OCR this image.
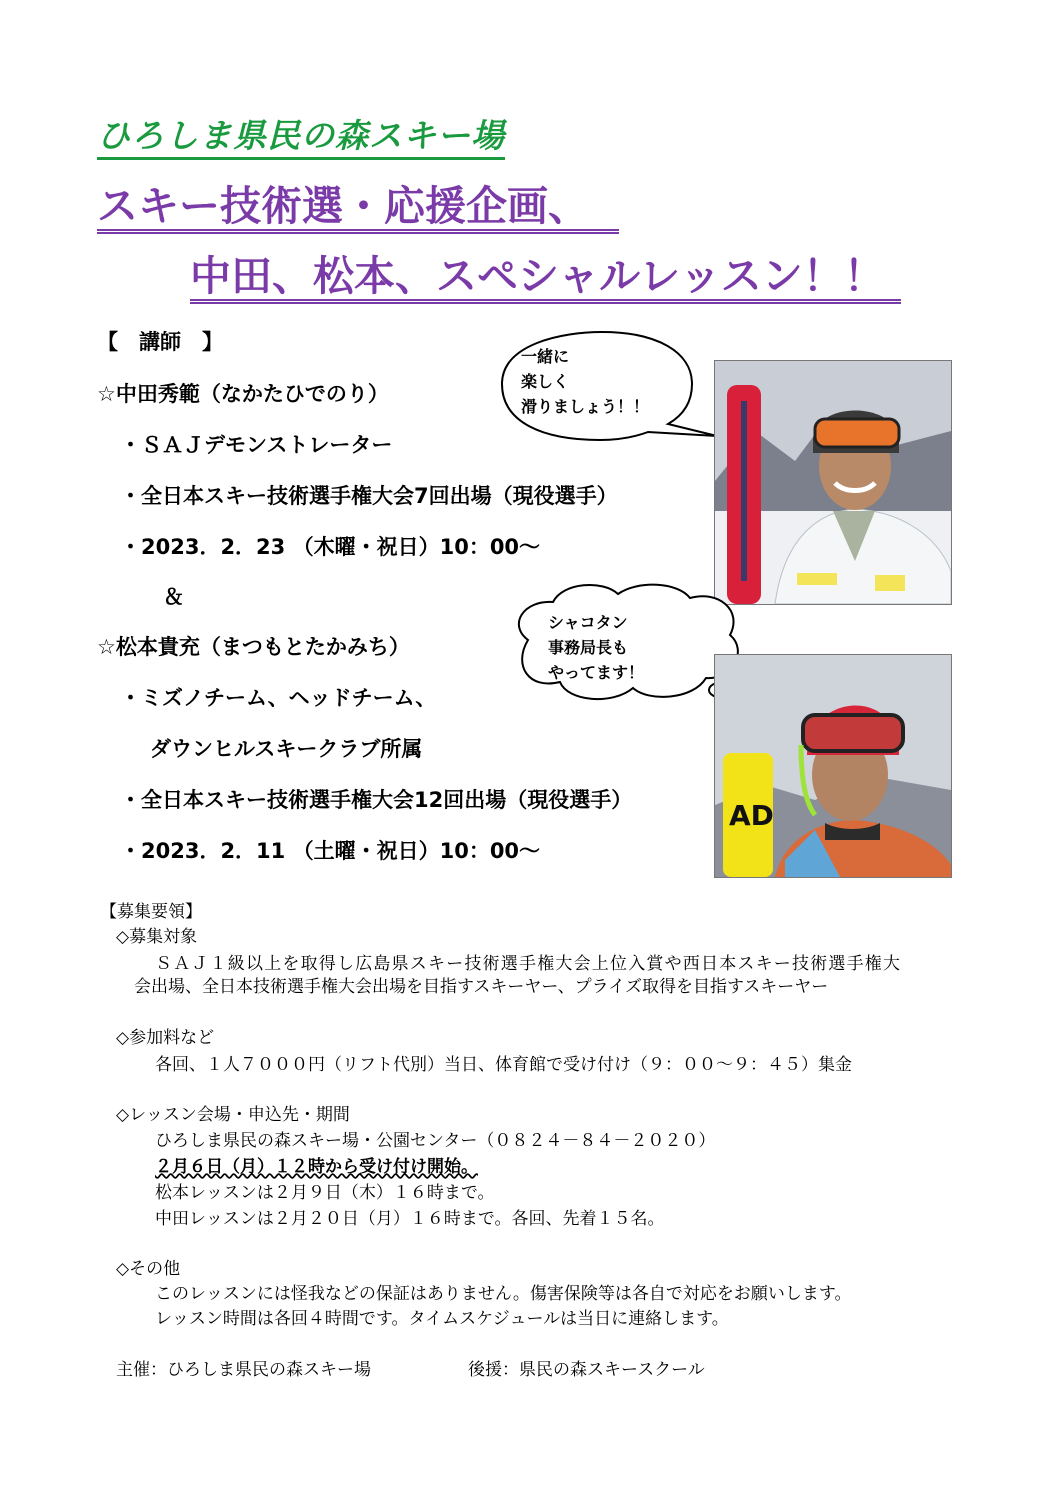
ひろしま県民の森スキー場
スキー技術選・応援企画、
中田、松本、スペシャルレッスン！！
【　講師　】
☆中田秀範（なかたひでのり）
・ＳＡＪデモンストレーター
・全日本スキー技術選手権大会7回出場（現役選手）
・2023．2．23 （木曜・祝日）10：00～
＆
☆松本貴充（まつもとたかみち）
・ミズノチーム、ヘッドチーム、
ダウンヒルスキークラブ所属
・全日本スキー技術選手権大会12回出場（現役選手）
・2023．2．11 （土曜・祝日）10：00～
一緒に
楽しく
滑りましょう！！
シャコタン
事務局長も
やってます！
AD
【募集要領】
◇募集対象
ＳＡＪ１級以上を取得し広島県スキー技術選手権大会上位入賞や西日本スキー技術選手権大
会出場、全日本技術選手権大会出場を目指すスキーヤー、プライズ取得を目指すスキーヤー
◇参加料など
各回、１人７０００円（リフト代別）当日、体育館で受け付け（９：００～９：４５）集金
◇レッスン会場・申込先・期間
ひろしま県民の森スキー場・公園センター（０８２４－８４－２０２０）
２月６日（月）１２時から受け付け開始。
松本レッスンは２月９日（木）１６時まで。
中田レッスンは２月２０日（月）１６時まで。各回、先着１５名。
◇その他
このレッスンには怪我などの保証はありません。傷害保険等は各自で対応をお願いします。
レッスン時間は各回４時間です。タイムスケジュールは当日に連絡します。
主催：ひろしま県民の森スキー場	後援：県民の森スキースクール
